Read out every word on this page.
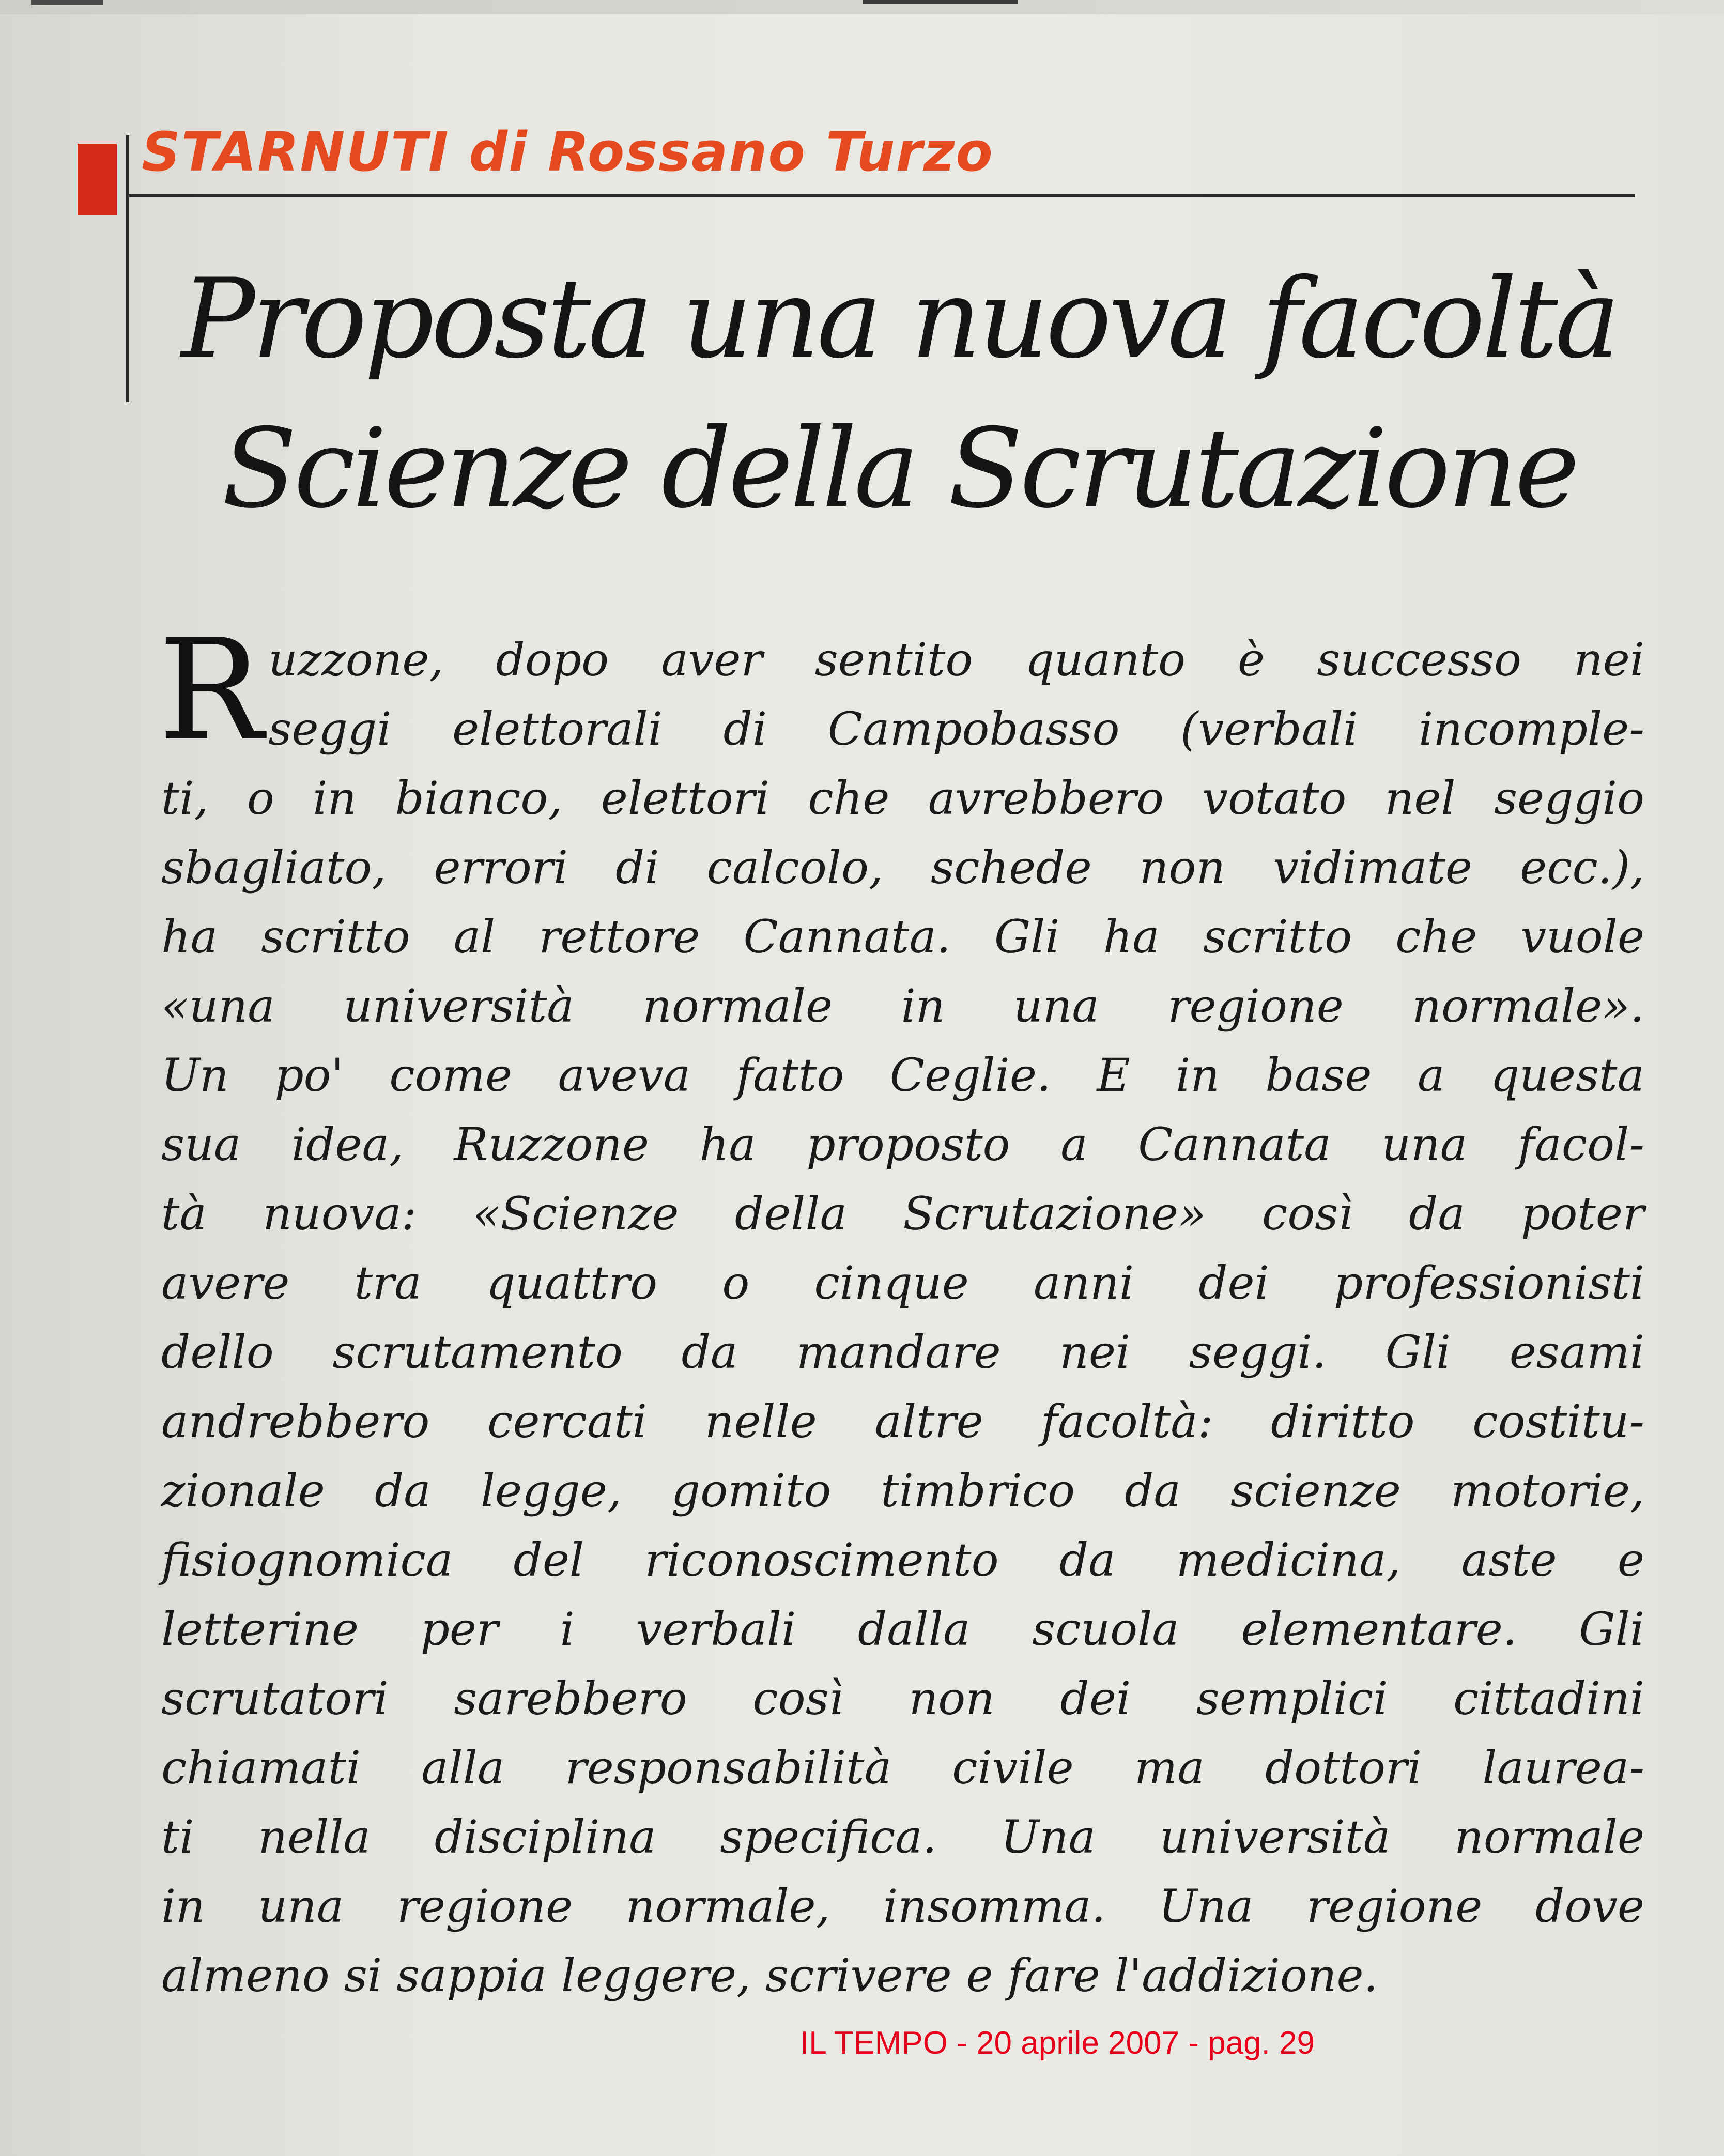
STARNUTI di Rossano Turzo
Proposta una nuova facoltà
Scienze della Scrutazione
R uzzone, dopo aver sentito quanto è successo nei
seggi elettorali di Campobasso (verbali incomple-
ti, o in bianco, elettori che avrebbero votato nel seggio
sbagliato, errori di calcolo, schede non vidimate ecc.),
ha scritto al rettore Cannata. Gli ha scritto che vuole
«una università normale in una regione normale».
Un po' come aveva fatto Ceglie. E in base a questa
sua idea, Ruzzone ha proposto a Cannata una facol-
tà nuova: «Scienze della Scrutazione» così da poter
avere tra quattro o cinque anni dei professionisti
dello scrutamento da mandare nei seggi. Gli esami
andrebbero cercati nelle altre facoltà: diritto costitu-
zionale da legge, gomito timbrico da scienze motorie,
fisiognomica del riconoscimento da medicina, aste e
letterine per i verbali dalla scuola elementare. Gli
scrutatori sarebbero così non dei semplici cittadini
chiamati alla responsabilità civile ma dottori laurea-
ti nella disciplina specifica. Una università normale
in una regione normale, insomma. Una regione dove
almeno si sappia leggere, scrivere e fare l'addizione.
IL TEMPO - 20 aprile 2007 - pag. 29
